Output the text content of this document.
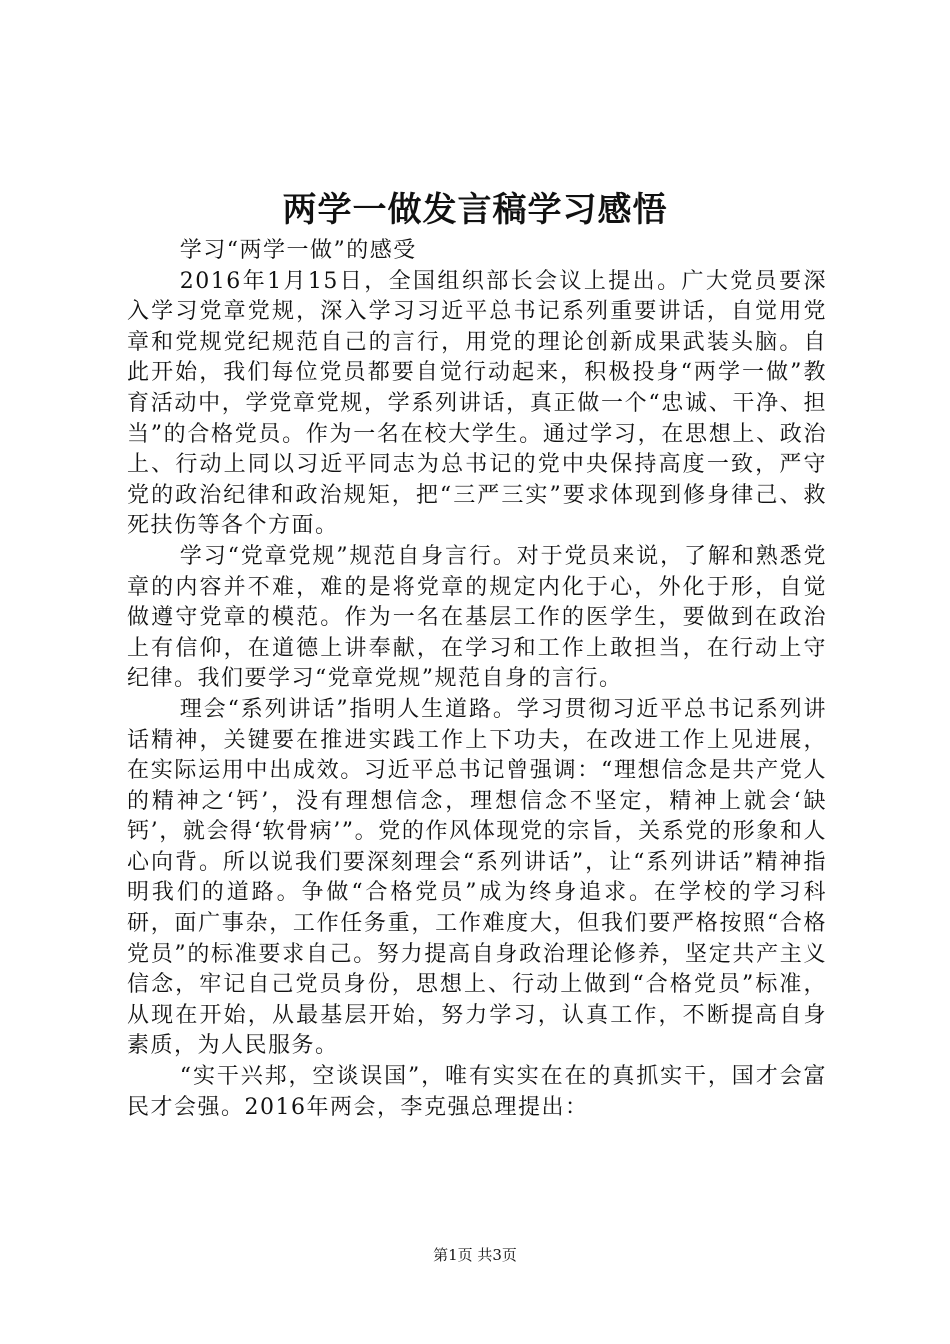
两学一做发言稿学习感悟

学习“两学一做”的感受

2016年1月15日，全国组织部长会议上提出。广大党员要深入学习党章党规，深入学习习近平总书记系列重要讲话，自觉用党章和党规党纪规范自己的言行，用党的理论创新成果武装头脑。自此开始，我们每位党员都要自觉行动起来，积极投身“两学一做”教育活动中，学党章党规，学系列讲话，真正做一个“忠诚、干净、担当”的合格党员。作为一名在校大学生。通过学习，在思想上、政治上、行动上同以习近平同志为总书记的党中央保持高度一致，严守党的政治纪律和政治规矩，把“三严三实”要求体现到修身律己、救死扶伤等各个方面。

学习“党章党规”规范自身言行。对于党员来说，了解和熟悉党章的内容并不难，难的是将党章的规定内化于心，外化于形，自觉做遵守党章的模范。作为一名在基层工作的医学生，要做到在政治上有信仰，在道德上讲奉献，在学习和工作上敢担当，在行动上守纪律。我们要学习“党章党规”规范自身的言行。

理会“系列讲话”指明人生道路。学习贯彻习近平总书记系列讲话精神，关键要在推进实践工作上下功夫，在改进工作上见进展，在实际运用中出成效。习近平总书记曾强调：“理想信念是共产党人的精神之‘钙’，没有理想信念，理想信念不坚定，精神上就会‘缺钙’，就会得‘软骨病’”。党的作风体现党的宗旨，关系党的形象和人心向背。所以说我们要深刻理会“系列讲话”，让“系列讲话”精神指明我们的道路。争做“合格党员”成为终身追求。在学校的学习科研，面广事杂，工作任务重，工作难度大，但我们要严格按照“合格党员”的标准要求自己。努力提高自身政治理论修养，坚定共产主义信念，牢记自己党员身份，思想上、行动上做到“合格党员”标准，从现在开始，从最基层开始，努力学习，认真工作，不断提高自身素质，为人民服务。

“实干兴邦，空谈误国”，唯有实实在在的真抓实干，国才会富民才会强。2016年两会，李克强总理提出：

第1页 共3页
